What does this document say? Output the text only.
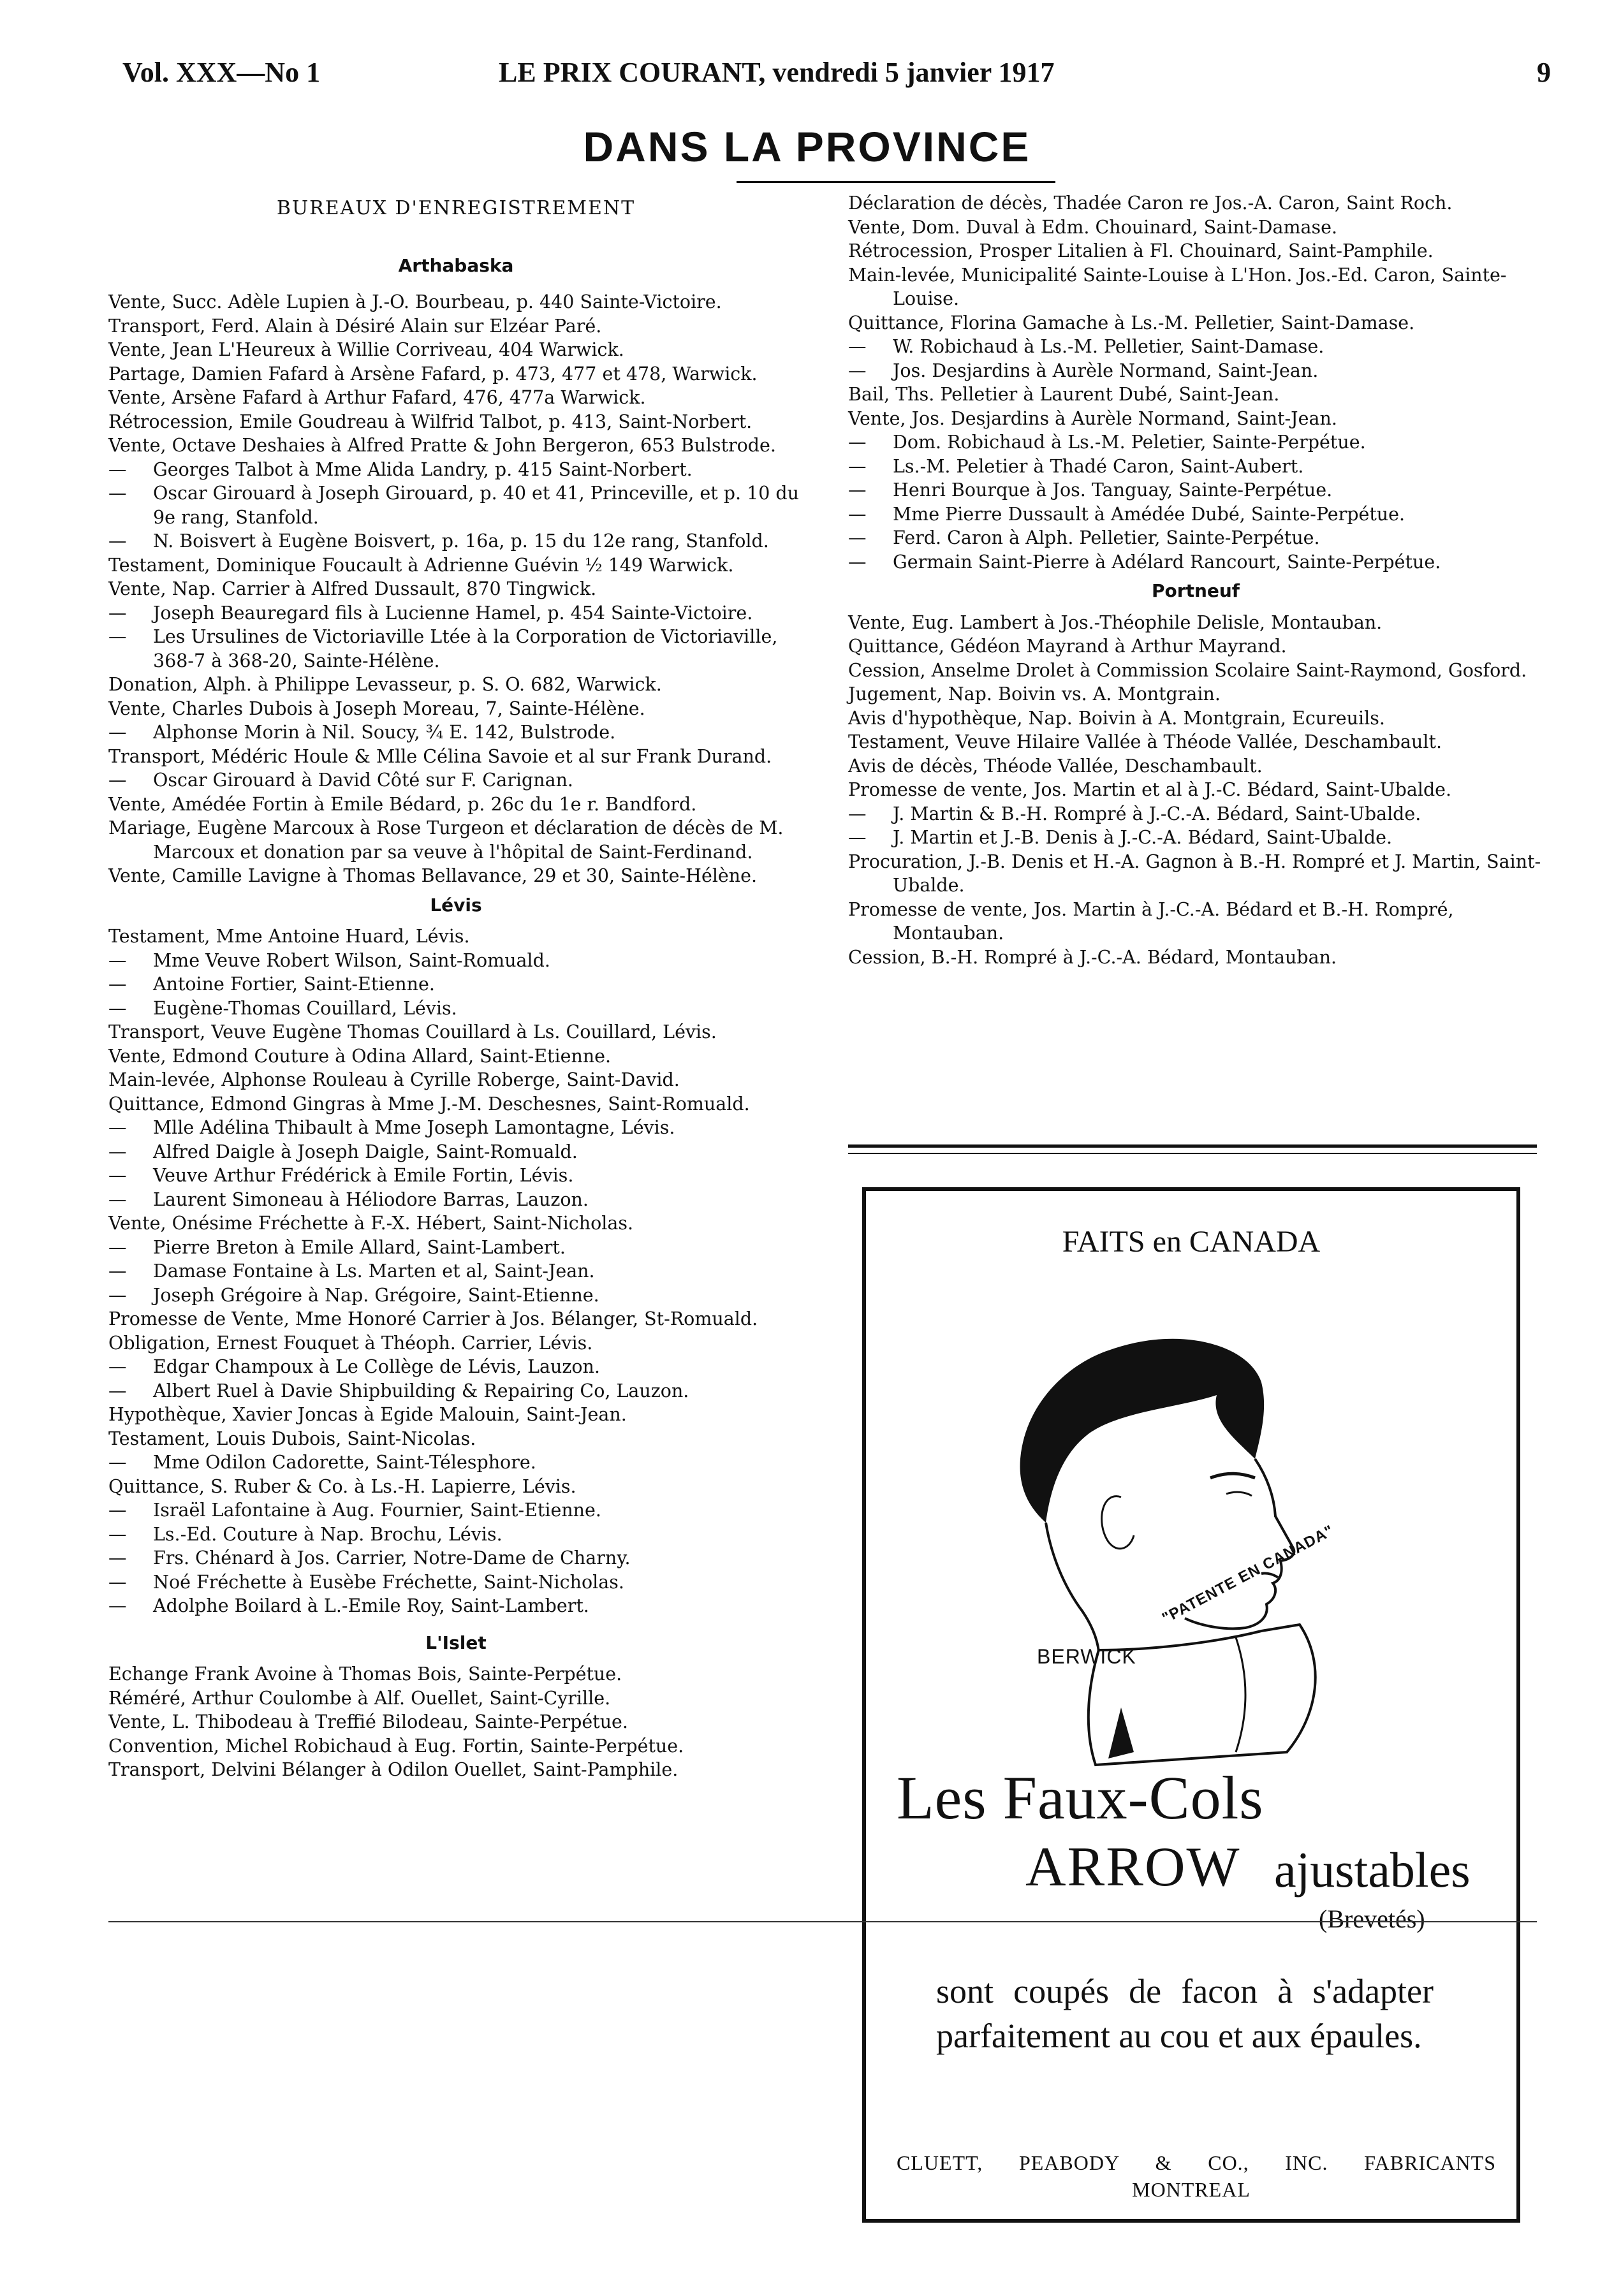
Vol. XXX—No 1	LE PRIX COURANT, vendredi 5 janvier 1917	9
DANS LA PROVINCE
BUREAUX D'ENREGISTREMENT
Arthabaska

Vente, Succ. Adèle Lupien à J.-O. Bourbeau, p. 440 Sainte-Victoire.

Transport, Ferd. Alain à Désiré Alain sur Elzéar Paré.

Vente, Jean L'Heureux à Willie Corriveau, 404 Warwick.

Partage, Damien Fafard à Arsène Fafard, p. 473, 477 et 478, Warwick.

Vente, Arsène Fafard à Arthur Fafard, 476, 477a Warwick.

Rétrocession, Emile Goudreau à Wilfrid Talbot, p. 413, Saint-Norbert.

Vente, Octave Deshaies à Alfred Pratte & John Bergeron, 653 Bulstrode.

— Georges Talbot à Mme Alida Landry, p. 415 Saint-Norbert.

— Oscar Girouard à Joseph Girouard, p. 40 et 41, Princeville, et p. 10 du 9e rang, Stanfold.

— N. Boisvert à Eugène Boisvert, p. 16a, p. 15 du 12e rang, Stanfold.

Testament, Dominique Foucault à Adrienne Guévin ½ 149 Warwick.

Vente, Nap. Carrier à Alfred Dussault, 870 Tingwick.

— Joseph Beauregard fils à Lucienne Hamel, p. 454 Sainte-Victoire.

— Les Ursulines de Victoriaville Ltée à la Corporation de Victoriaville, 368-7 à 368-20, Sainte-Hélène.

Donation, Alph. à Philippe Levasseur, p. S. O. 682, Warwick.

Vente, Charles Dubois à Joseph Moreau, 7, Sainte-Hélène.

— Alphonse Morin à Nil. Soucy, ¾ E. 142, Bulstrode.

Transport, Médéric Houle & Mlle Célina Savoie et al sur Frank Durand.

— Oscar Girouard à David Côté sur F. Carignan.

Vente, Amédée Fortin à Emile Bédard, p. 26c du 1e r. Bandford.

Mariage, Eugène Marcoux à Rose Turgeon et déclaration de décès de M. Marcoux et donation par sa veuve à l'hôpital de Saint-Ferdinand.

Vente, Camille Lavigne à Thomas Bellavance, 29 et 30, Sainte-Hélène.

Lévis

Testament, Mme Antoine Huard, Lévis.

— Mme Veuve Robert Wilson, Saint-Romuald.

— Antoine Fortier, Saint-Etienne.

— Eugène-Thomas Couillard, Lévis.

Transport, Veuve Eugène Thomas Couillard à Ls. Couillard, Lévis.

Vente, Edmond Couture à Odina Allard, Saint-Etienne.

Main-levée, Alphonse Rouleau à Cyrille Roberge, Saint-David.

Quittance, Edmond Gingras à Mme J.-M. Deschesnes, Saint-Romuald.

— Mlle Adélina Thibault à Mme Joseph Lamontagne, Lévis.

— Alfred Daigle à Joseph Daigle, Saint-Romuald.

— Veuve Arthur Frédérick à Emile Fortin, Lévis.

— Laurent Simoneau à Héliodore Barras, Lauzon.

Vente, Onésime Fréchette à F.-X. Hébert, Saint-Nicholas.

— Pierre Breton à Emile Allard, Saint-Lambert.

— Damase Fontaine à Ls. Marten et al, Saint-Jean.

— Joseph Grégoire à Nap. Grégoire, Saint-Etienne.

Promesse de Vente, Mme Honoré Carrier à Jos. Bélanger, St-Romuald.

Obligation, Ernest Fouquet à Théoph. Carrier, Lévis.

— Edgar Champoux à Le Collège de Lévis, Lauzon.

— Albert Ruel à Davie Shipbuilding & Repairing Co, Lauzon.

Hypothèque, Xavier Joncas à Egide Malouin, Saint-Jean.

Testament, Louis Dubois, Saint-Nicolas.

— Mme Odilon Cadorette, Saint-Télesphore.

Quittance, S. Ruber & Co. à Ls.-H. Lapierre, Lévis.

— Israël Lafontaine à Aug. Fournier, Saint-Etienne.

— Ls.-Ed. Couture à Nap. Brochu, Lévis.

— Frs. Chénard à Jos. Carrier, Notre-Dame de Charny.

— Noé Fréchette à Eusèbe Fréchette, Saint-Nicholas.

— Adolphe Boilard à L.-Emile Roy, Saint-Lambert.

L'Islet

Echange Frank Avoine à Thomas Bois, Sainte-Perpétue.

Réméré, Arthur Coulombe à Alf. Ouellet, Saint-Cyrille.

Vente, L. Thibodeau à Treffié Bilodeau, Sainte-Perpétue.

Convention, Michel Robichaud à Eug. Fortin, Sainte-Perpétue.

Transport, Delvini Bélanger à Odilon Ouellet, Saint-Pamphile.

Déclaration de décès, Thadée Caron re Jos.-A. Caron, Saint Roch.

Vente, Dom. Duval à Edm. Chouinard, Saint-Damase.

Rétrocession, Prosper Litalien à Fl. Chouinard, Saint-Pamphile.

Main-levée, Municipalité Sainte-Louise à L'Hon. Jos.-Ed. Caron, Sainte-Louise.

Quittance, Florina Gamache à Ls.-M. Pelletier, Saint-Damase.

— W. Robichaud à Ls.-M. Pelletier, Saint-Damase.

— Jos. Desjardins à Aurèle Normand, Saint-Jean.

Bail, Ths. Pelletier à Laurent Dubé, Saint-Jean.

Vente, Jos. Desjardins à Aurèle Normand, Saint-Jean.

— Dom. Robichaud à Ls.-M. Peletier, Sainte-Perpétue.

— Ls.-M. Peletier à Thadé Caron, Saint-Aubert.

— Henri Bourque à Jos. Tanguay, Sainte-Perpétue.

— Mme Pierre Dussault à Amédée Dubé, Sainte-Perpétue.

— Ferd. Caron à Alph. Pelletier, Sainte-Perpétue.

— Germain Saint-Pierre à Adélard Rancourt, Sainte-Perpétue.

Portneuf

Vente, Eug. Lambert à Jos.-Théophile Delisle, Montauban.

Quittance, Gédéon Mayrand à Arthur Mayrand.

Cession, Anselme Drolet à Commission Scolaire Saint-Raymond, Gosford.

Jugement, Nap. Boivin vs. A. Montgrain.

Avis d'hypothèque, Nap. Boivin à A. Montgrain, Ecureuils.

Testament, Veuve Hilaire Vallée à Théode Vallée, Deschambault.

Avis de décès, Théode Vallée, Deschambault.

Promesse de vente, Jos. Martin et al à J.-C. Bédard, Saint-Ubalde.

— J. Martin & B.-H. Rompré à J.-C.-A. Bédard, Saint-Ubalde.

— J. Martin et J.-B. Denis à J.-C.-A. Bédard, Saint-Ubalde.

Procuration, J.-B. Denis et H.-A. Gagnon à B.-H. Rompré et J. Martin, Saint-Ubalde.

Promesse de vente, Jos. Martin à J.-C.-A. Bédard et B.-H. Rompré, Montauban.

Cession, B.-H. Rompré à J.-C.-A. Bédard, Montauban.

FAITS en CANADA
BERWICK
"PATENTE EN CANADA"
Les Faux-Cols
ARROW ajustables
(Brevetés)
sont coupés de facon à s'adapter parfaitement au cou et aux épaules.
CLUETT, PEABODY & CO., INC. FABRICANTS
MONTREAL
